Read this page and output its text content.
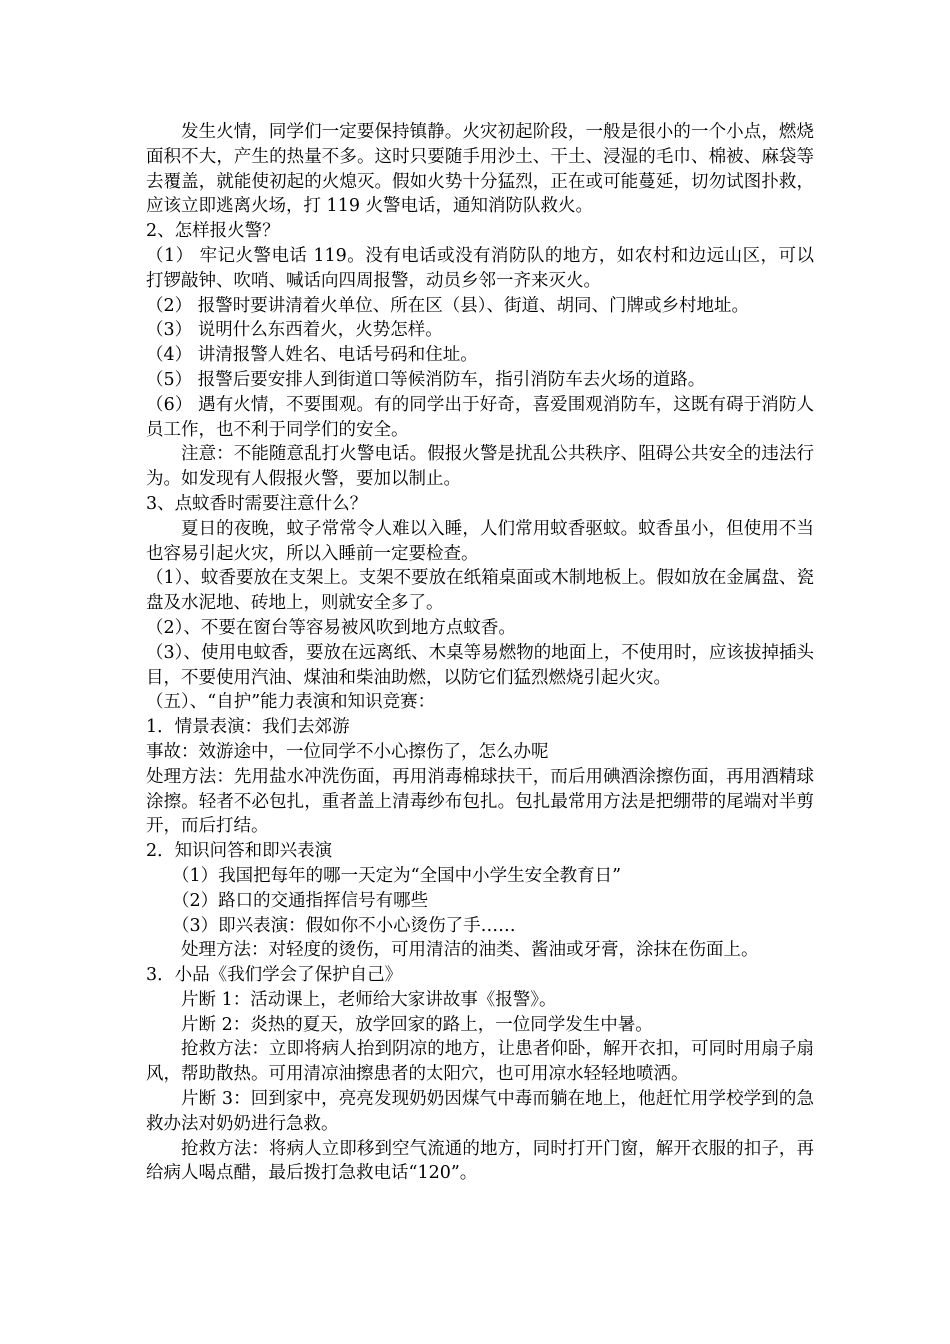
发生火情，同学们一定要保持镇静。火灾初起阶段，一般是很小的一个小点，燃烧面积不大，产生的热量不多。这时只要随手用沙土、干土、浸湿的毛巾、棉被、麻袋等去覆盖，就能使初起的火熄灭。假如火势十分猛烈，正在或可能蔓延，切勿试图扑救，应该立即逃离火场，打 119 火警电话，通知消防队救火。

2、怎样报火警？

（1） 牢记火警电话 119。没有电话或没有消防队的地方，如农村和边远山区，可以打锣敲钟、吹哨、喊话向四周报警，动员乡邻一齐来灭火。

（2） 报警时要讲清着火单位、所在区（县）、街道、胡同、门牌或乡村地址。

（3） 说明什么东西着火，火势怎样。

（4） 讲清报警人姓名、电话号码和住址。

（5） 报警后要安排人到街道口等候消防车，指引消防车去火场的道路。

（6） 遇有火情，不要围观。有的同学出于好奇，喜爱围观消防车，这既有碍于消防人员工作，也不利于同学们的安全。

注意：不能随意乱打火警电话。假报火警是扰乱公共秩序、阻碍公共安全的违法行为。如发现有人假报火警，要加以制止。

3、点蚊香时需要注意什么？

夏日的夜晚，蚊子常常令人难以入睡，人们常用蚊香驱蚊。蚊香虽小，但使用不当也容易引起火灾，所以入睡前一定要检查。

（1）、蚊香要放在支架上。支架不要放在纸箱桌面或木制地板上。假如放在金属盘、瓷盘及水泥地、砖地上，则就安全多了。

（2）、不要在窗台等容易被风吹到地方点蚊香。

（3）、使用电蚊香，要放在远离纸、木桌等易燃物的地面上，不使用时，应该拔掉插头目，不要使用汽油、煤油和柴油助燃，以防它们猛烈燃烧引起火灾。

（五）、“自护”能力表演和知识竞赛：

1．情景表演：我们去郊游

事故：效游途中，一位同学不小心擦伤了，怎么办呢

处理方法：先用盐水冲洗伤面，再用消毒棉球扶干，而后用碘酒涂擦伤面，再用酒精球涂擦。轻者不必包扎，重者盖上清毒纱布包扎。包扎最常用方法是把绷带的尾端对半剪开，而后打结。

2．知识问答和即兴表演

（1）我国把每年的哪一天定为“全国中小学生安全教育日”

（2）路口的交通指挥信号有哪些

（3）即兴表演：假如你不小心烫伤了手……

处理方法：对轻度的烫伤，可用清洁的油类、酱油或牙膏，涂抹在伤面上。

3．小品《我们学会了保护自己》

片断 1：活动课上，老师给大家讲故事《报警》。

片断 2：炎热的夏天，放学回家的路上，一位同学发生中暑。

抢救方法：立即将病人抬到阴凉的地方，让患者仰卧，解开衣扣，可同时用扇子扇风，帮助散热。可用清凉油擦患者的太阳穴，也可用凉水轻轻地喷洒。

片断 3：回到家中，亮亮发现奶奶因煤气中毒而躺在地上，他赶忙用学校学到的急救办法对奶奶进行急救。

抢救方法：将病人立即移到空气流通的地方，同时打开门窗，解开衣服的扣子，再给病人喝点醋，最后拨打急救电话“120”。
